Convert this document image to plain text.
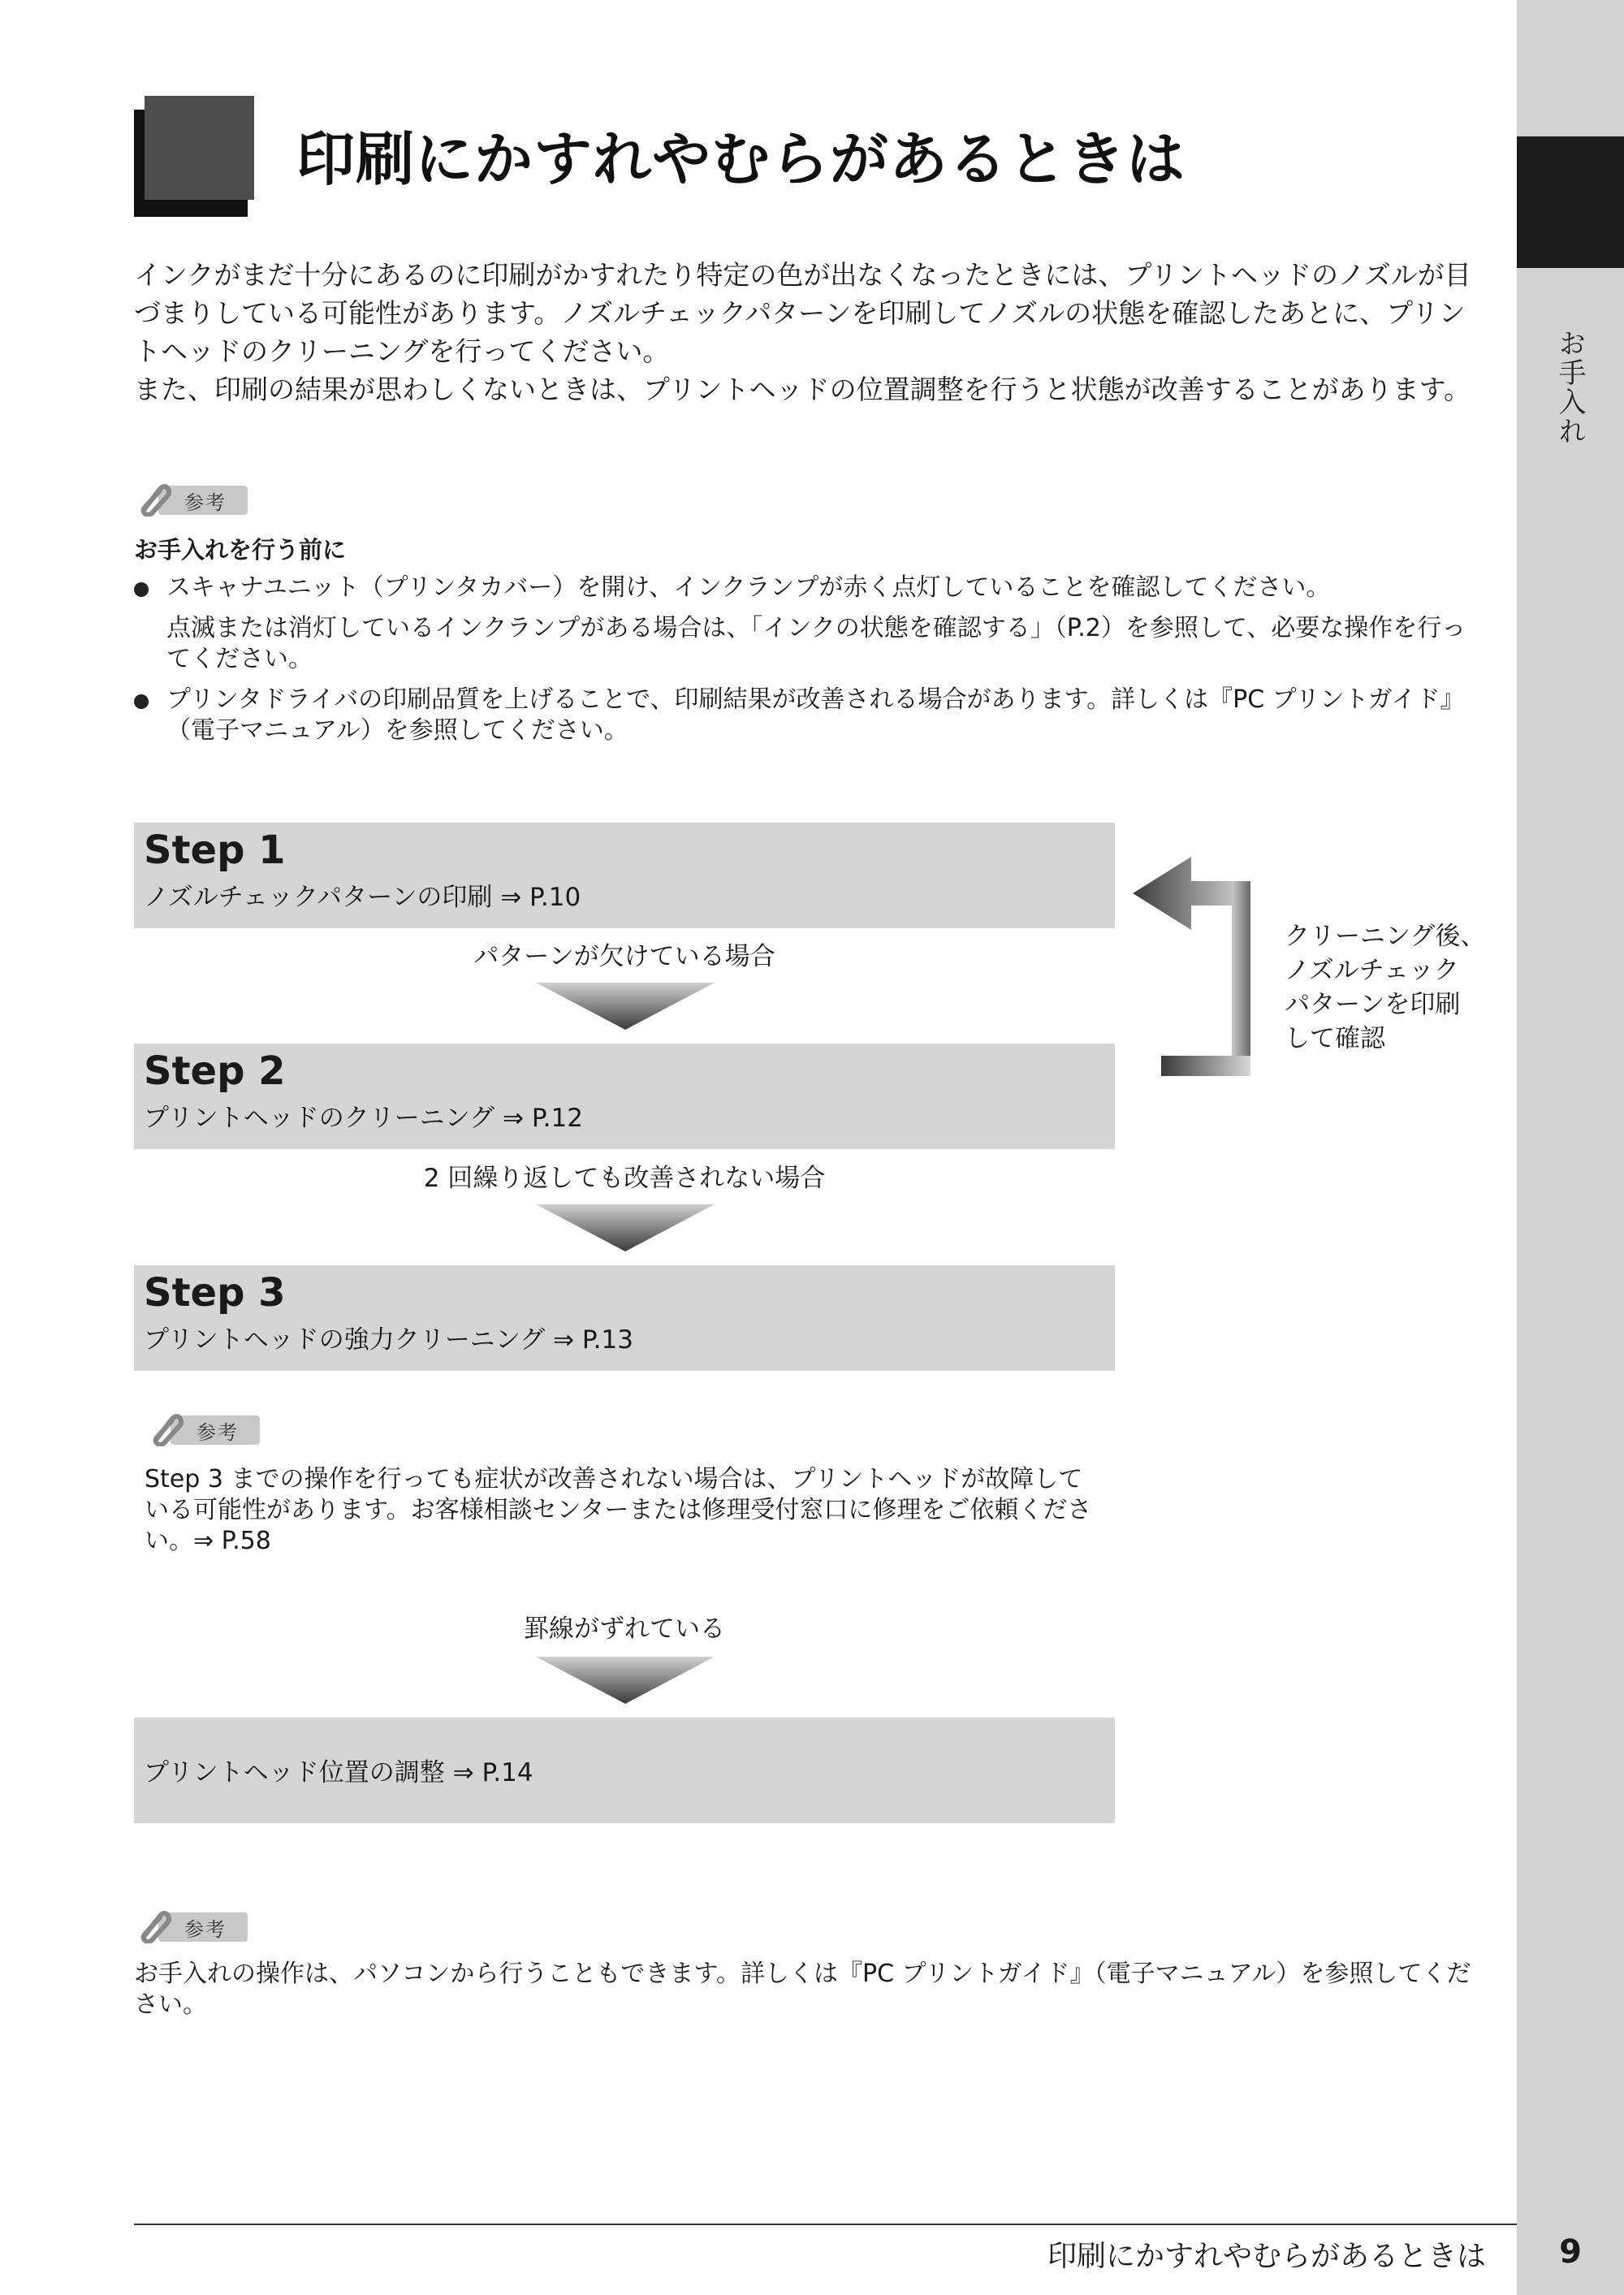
お手入れ
印刷にかすれやむらがあるときは

インクがまだ十分にあるのに印刷がかすれたり特定の色が出なくなったときには、プリントヘッドのノズルが目づまりしている可能性があります。ノズルチェックパターンを印刷してノズルの状態を確認したあとに、プリントヘッドのクリーニングを行ってください。

また、印刷の結果が思わしくないときは、プリントヘッドの位置調整を行うと状態が改善することがあります。

参考
お手入れを行う前に
スキャナユニット（プリンタカバー）を開け、インクランプが赤く点灯していることを確認してください。
点滅または消灯しているインクランプがある場合は、「インクの状態を確認する」（P.2）を参照して、必要な操作を行ってください。
プリンタドライバの印刷品質を上げることで、印刷結果が改善される場合があります。詳しくは『PC プリントガイド』（電子マニュアル）を参照してください。
Step 1
ノズルチェックパターンの印刷 ⇒ P.10
パターンが欠けている場合
Step 2
プリントヘッドのクリーニング ⇒ P.12
2 回繰り返しても改善されない場合
Step 3
プリントヘッドの強力クリーニング ⇒ P.13
クリーニング後、
ノズルチェック
パターンを印刷
して確認
参考
Step 3 までの操作を行っても症状が改善されない場合は、プリントヘッドが故障している可能性があります。お客様相談センターまたは修理受付窓口に修理をご依頼ください。⇒ P.58
罫線がずれている
プリントヘッド位置の調整 ⇒ P.14
参考
お手入れの操作は、パソコンから行うこともできます。詳しくは『PC プリントガイド』（電子マニュアル）を参照してください。
印刷にかすれやむらがあるときは	9
